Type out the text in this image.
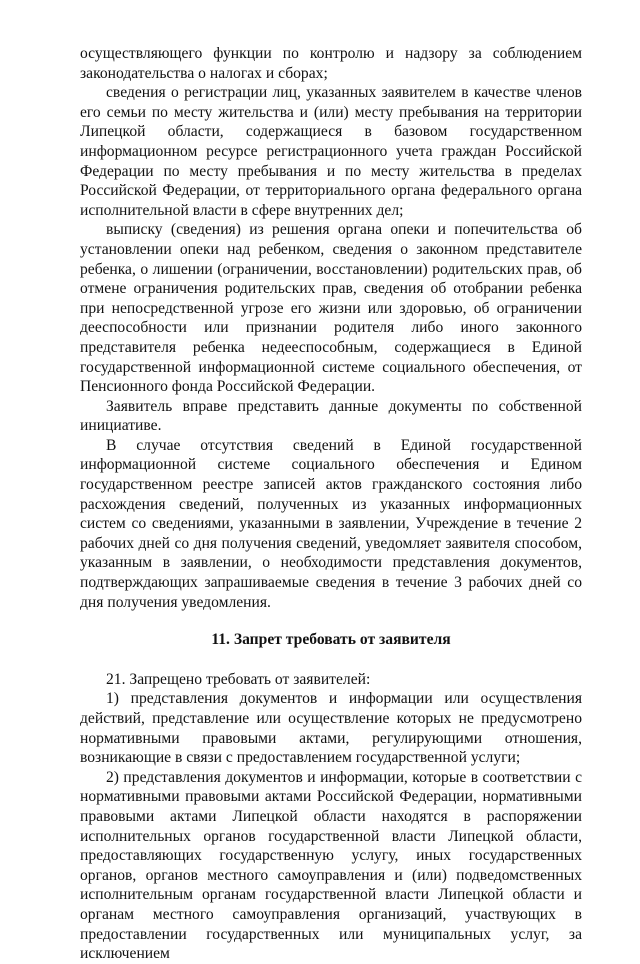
осуществляющего функции по контролю и надзору за соблюдением законодательства о налогах и сборах;

сведения о регистрации лиц, указанных заявителем в качестве членов его семьи по месту жительства и (или) месту пребывания на территории Липецкой области, содержащиеся в базовом государственном информационном ресурсе регистрационного учета граждан Российской Федерации по месту пребывания и по месту жительства в пределах Российской Федерации, от территориального органа федерального органа исполнительной власти в сфере внутренних дел;

выписку (сведения) из решения органа опеки и попечительства об установлении опеки над ребенком, сведения о законном представителе ребенка, о лишении (ограничении, восстановлении) родительских прав, об отмене ограничения родительских прав, сведения об отобрании ребенка при непосредственной угрозе его жизни или здоровью, об ограничении дееспособности или признании родителя либо иного законного представителя ребенка недееспособным, содержащиеся в Единой государственной информационной системе социального обеспечения, от Пенсионного фонда Российской Федерации.

Заявитель вправе представить данные документы по собственной инициативе.

В случае отсутствия сведений в Единой государственной информационной системе социального обеспечения и Едином государственном реестре записей актов гражданского состояния либо расхождения сведений, полученных из указанных информационных систем со сведениями, указанными в заявлении, Учреждение в течение 2 рабочих дней со дня получения сведений, уведомляет заявителя способом, указанным в заявлении, о необходимости представления документов, подтверждающих запрашиваемые сведения в течение 3 рабочих дней со дня получения уведомления.

11. Запрет требовать от заявителя

21. Запрещено требовать от заявителей:

1) представления документов и информации или осуществления действий, представление или осуществление которых не предусмотрено нормативными правовыми актами, регулирующими отношения, возникающие в связи с предоставлением государственной услуги;

2) представления документов и информации, которые в соответствии с нормативными правовыми актами Российской Федерации, нормативными правовыми актами Липецкой области находятся в распоряжении исполнительных органов государственной власти Липецкой области, предоставляющих государственную услугу, иных государственных органов, органов местного самоуправления и (или) подведомственных исполнительным органам государственной власти Липецкой области и органам местного самоуправления организаций, участвующих в предоставлении государственных или муниципальных услуг, за исключением
